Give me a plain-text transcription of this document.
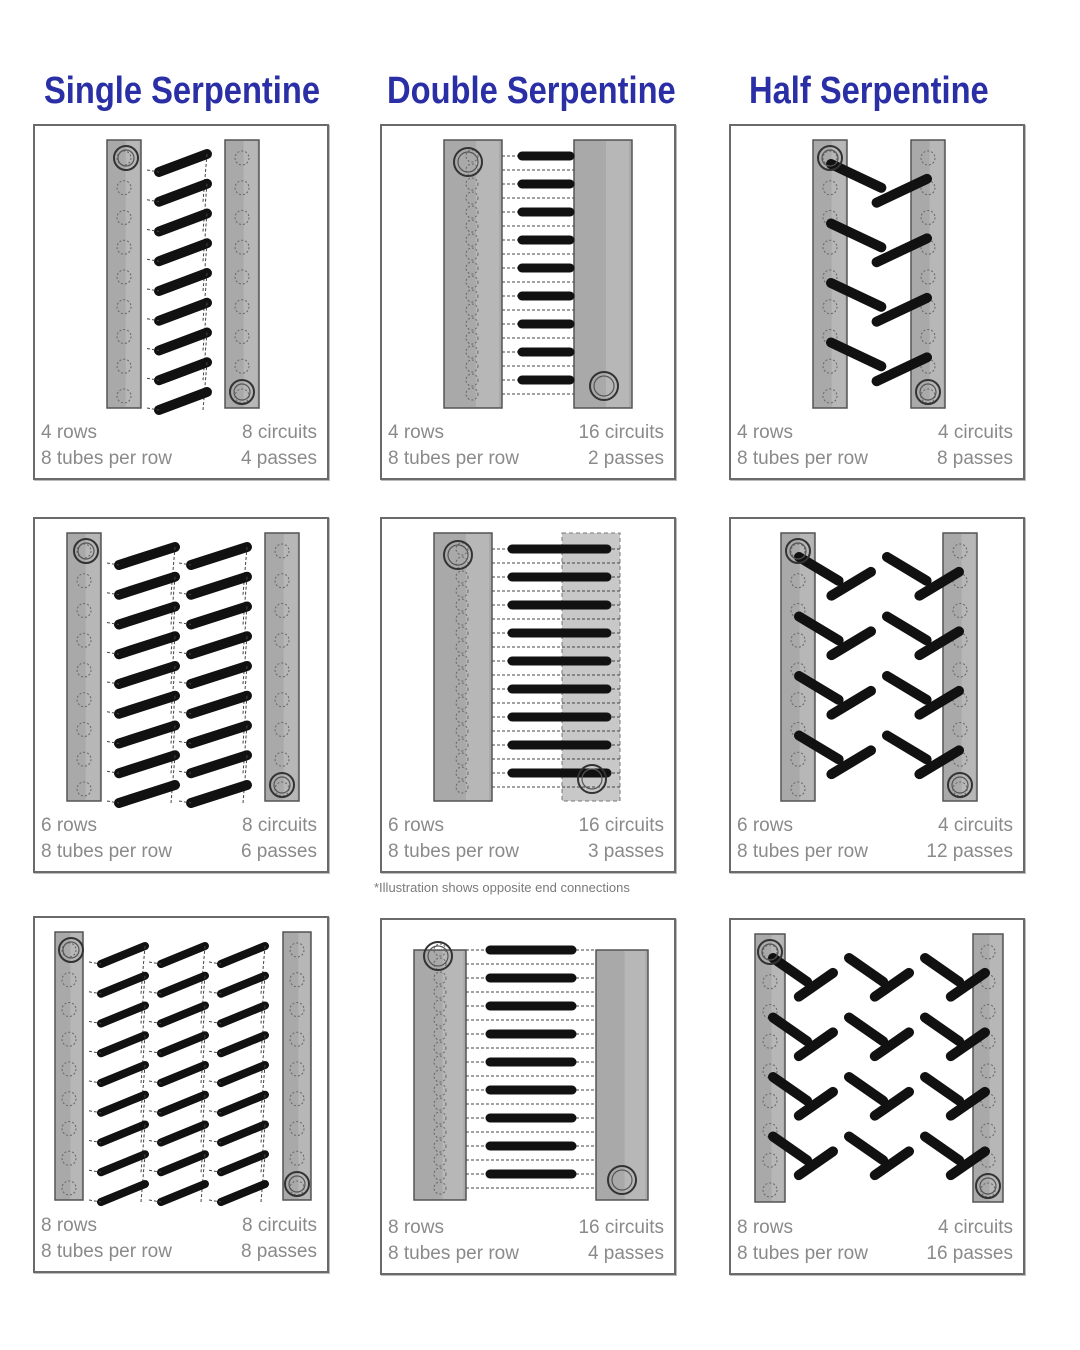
Single Serpentine Double Serpentine Half Serpentine
4 rows
8 tubes per row
8 circuits
4 passes
4 rows
8 tubes per row
16 circuits
2 passes
4 rows
8 tubes per row
4 circuits
8 passes
6 rows
8 tubes per row
8 circuits
6 passes
6 rows
8 tubes per row
16 circuits
3 passes
6 rows
8 tubes per row
4 circuits
12 passes
8 rows
8 tubes per row
8 circuits
8 passes
8 rows
8 tubes per row
16 circuits
4 passes
8 rows
8 tubes per row
4 circuits
16 passes
*Illustration shows opposite end connections
